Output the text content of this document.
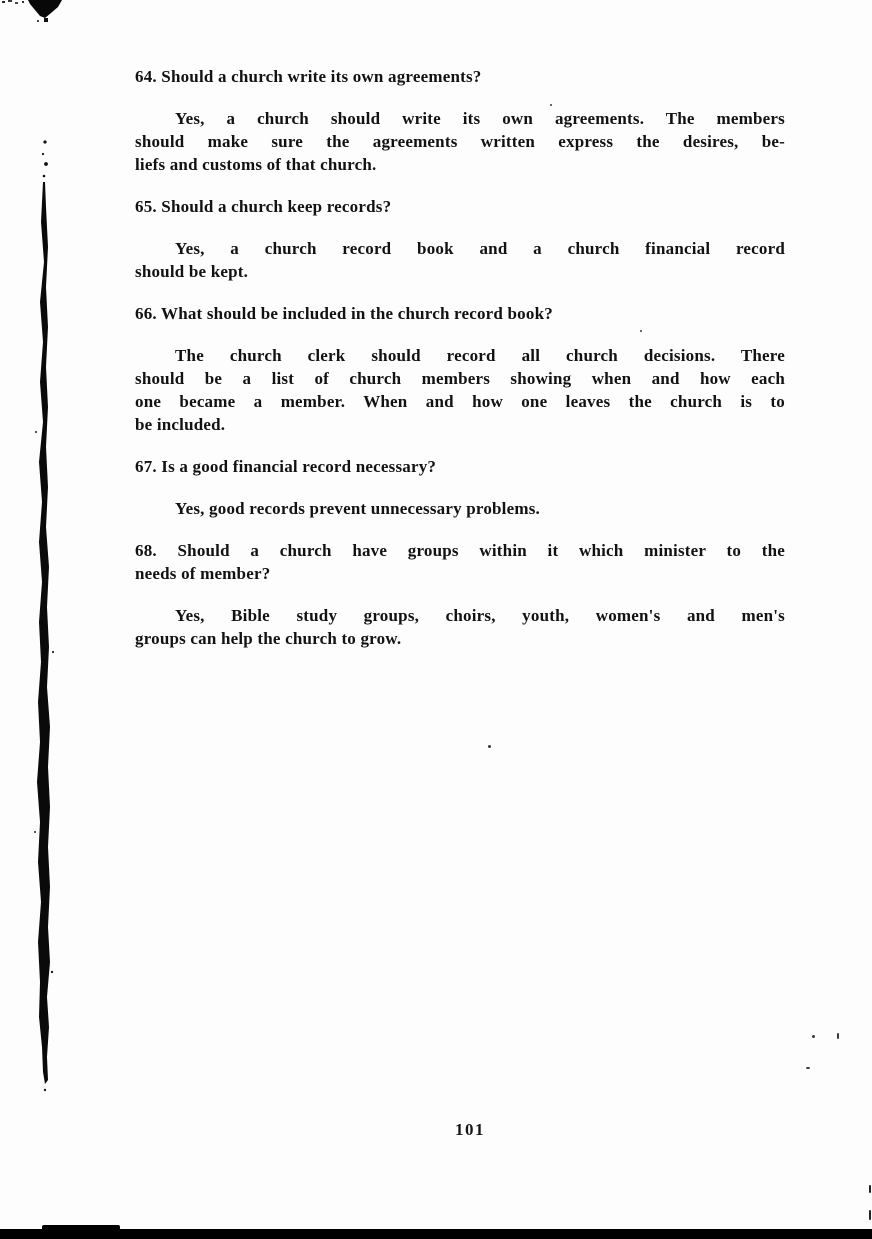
64. Should a church write its own agreements?

Yes, a church should write its own agreements. The members
should make sure the agreements written express the desires, be-
liefs and customs of that church.

65. Should a church keep records?

Yes, a church record book and a church financial record
should be kept.

66. What should be included in the church record book?

The church clerk should record all church decisions. There
should be a list of church members showing when and how each
one became a member. When and how one leaves the church is to
be included.

67. Is a good financial record necessary?

Yes, good records prevent unnecessary problems.

68. Should a church have groups within it which minister to the
needs of member?

Yes, Bible study groups, choirs, youth, women's and men's
groups can help the church to grow.

101
